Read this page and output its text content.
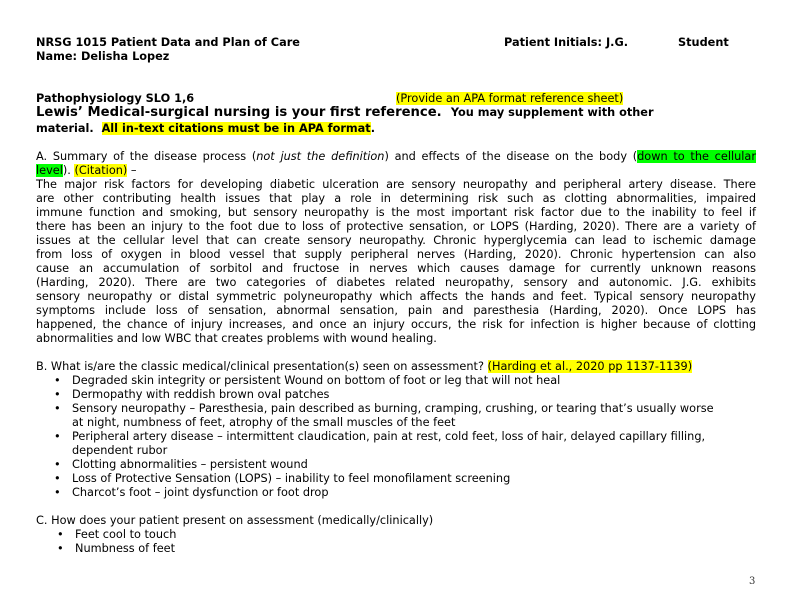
NRSG 1015 Patient Data and Plan of Care	Patient Initials: J.G.	Student
Name: Delisha Lopez
Pathophysiology SLO 1,6	(Provide an APA format reference sheet)
Lewis’ Medical-surgical nursing is your first reference. You may supplement with other
material. All in-text citations must be in APA format.
A. Summary of the disease process (not just the definition) and effects of the disease on the body (down to the cellular
level). (Citation) –
The major risk factors for developing diabetic ulceration are sensory neuropathy and peripheral artery disease. There
are other contributing health issues that play a role in determining risk such as clotting abnormalities, impaired
immune function and smoking, but sensory neuropathy is the most important risk factor due to the inability to feel if
there has been an injury to the foot due to loss of protective sensation, or LOPS (Harding, 2020). There are a variety of
issues at the cellular level that can create sensory neuropathy. Chronic hyperglycemia can lead to ischemic damage
from loss of oxygen in blood vessel that supply peripheral nerves (Harding, 2020). Chronic hypertension can also
cause an accumulation of sorbitol and fructose in nerves which causes damage for currently unknown reasons
(Harding, 2020). There are two categories of diabetes related neuropathy, sensory and autonomic. J.G. exhibits
sensory neuropathy or distal symmetric polyneuropathy which affects the hands and feet. Typical sensory neuropathy
symptoms include loss of sensation, abnormal sensation, pain and paresthesia (Harding, 2020). Once LOPS has
happened, the chance of injury increases, and once an injury occurs, the risk for infection is higher because of clotting
abnormalities and low WBC that creates problems with wound healing.
B. What is/are the classic medical/clinical presentation(s) seen on assessment? (Harding et al., 2020 pp 1137-1139)
• Degraded skin integrity or persistent Wound on bottom of foot or leg that will not heal
• Dermopathy with reddish brown oval patches
• Sensory neuropathy – Paresthesia, pain described as burning, cramping, crushing, or tearing that’s usually worse
at night, numbness of feet, atrophy of the small muscles of the feet
• Peripheral artery disease – intermittent claudication, pain at rest, cold feet, loss of hair, delayed capillary filling,
dependent rubor
• Clotting abnormalities – persistent wound
• Loss of Protective Sensation (LOPS) – inability to feel monofilament screening
• Charcot’s foot – joint dysfunction or foot drop
C. How does your patient present on assessment (medically/clinically)
• Feet cool to touch
• Numbness of feet
3
